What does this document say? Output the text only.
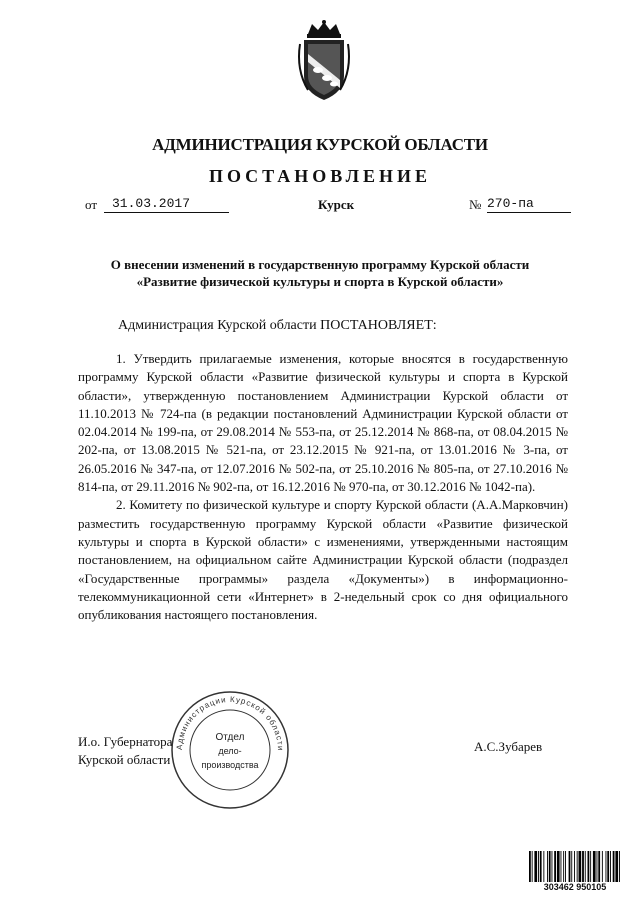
АДМИНИСТРАЦИЯ КУРСКОЙ ОБЛАСТИ
ПОСТАНОВЛЕНИЕ
от	31.03.2017	Курск	№ 270-па
О внесении изменений в государственную программу Курской области
«Развитие физической культуры и спорта в Курской области»
Администрация Курской области ПОСТАНОВЛЯЕТ:

1. Утвердить прилагаемые изменения, которые вносятся в государственную программу Курской области «Развитие физической культуры и спорта в Курской области», утвержденную постановлением Администрации Курской области от 11.10.2013 № 724-па (в редакции постановлений Администрации Курской области от 02.04.2014 № 199-па, от 29.08.2014 № 553-па, от 25.12.2014 № 868-па, от 08.04.2015 № 202-па, от 13.08.2015 № 521-па, от 23.12.2015 № 921-па, от 13.01.2016 № 3-па, от 26.05.2016 № 347-па, от 12.07.2016 № 502-па, от 25.10.2016 № 805-па, от 27.10.2016 № 814-па, от 29.11.2016 № 902-па, от 16.12.2016 № 970-па, от 30.12.2016 № 1042-па).

2. Комитету по физической культуре и спорту Курской области (А.А.Марковчин) разместить государственную программу Курской области «Развитие физической культуры и спорта в Курской области» с изменениями, утвержденными настоящим постановлением, на официальном сайте Администрации Курской области (подраздел «Государственные программы» раздела «Документы») в информационно-телекоммуникационной сети «Интернет» в 2-недельный срок со дня официального опубликования настоящего постановления.

И.о. Губернатора
Курской области
А.С.Зубарев
Администрации Курской области
Отдел
дело-
производства
303462 950105
